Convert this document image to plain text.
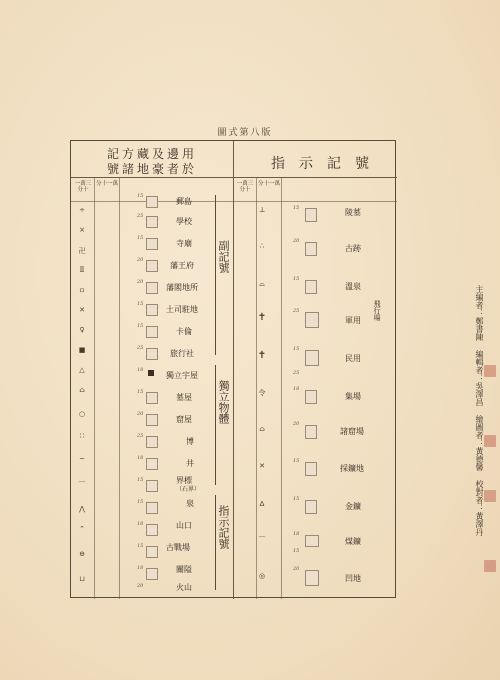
圖式第八版
記方藏及邊用
號諸地豪者於	指示記號
一萬三分十
分十一萬	一萬三分十
分十一萬
÷
×
卍
Ⅱ
ㅁ
✕
♀
■
△
⌂
○
∷
─
⌒
⋀
⌃
⊖
⊔
15
25
15
20
20
15
15
25
18
15
20
25
18
15
15
18
15
18
20
郵島
學校
寺廟
藩王府
藩閣地所
土司駐地
卡倫
旅行社
獨立宇屋
墓屋
窟屋
博
井
界標
（石界）
泉
山口
古戰場
關隘
火山
副記號
獨立物體
指示記號
⊥
∴
⌓
✝
✝
令
⌂
✕
ᐃ
⌒
◎
15
20
15
25
15
25
18
20
15
15
18
15
20
陵墓
古跡
溫泉
軍用 飛行場
民用
集場
諸窟場
採鑛地
金鑛
煤鑛
凹地
主編者：鄭書陳 編輯者：吳澤昌 繪圖者：黃德馨 校對者：黃澤丹
